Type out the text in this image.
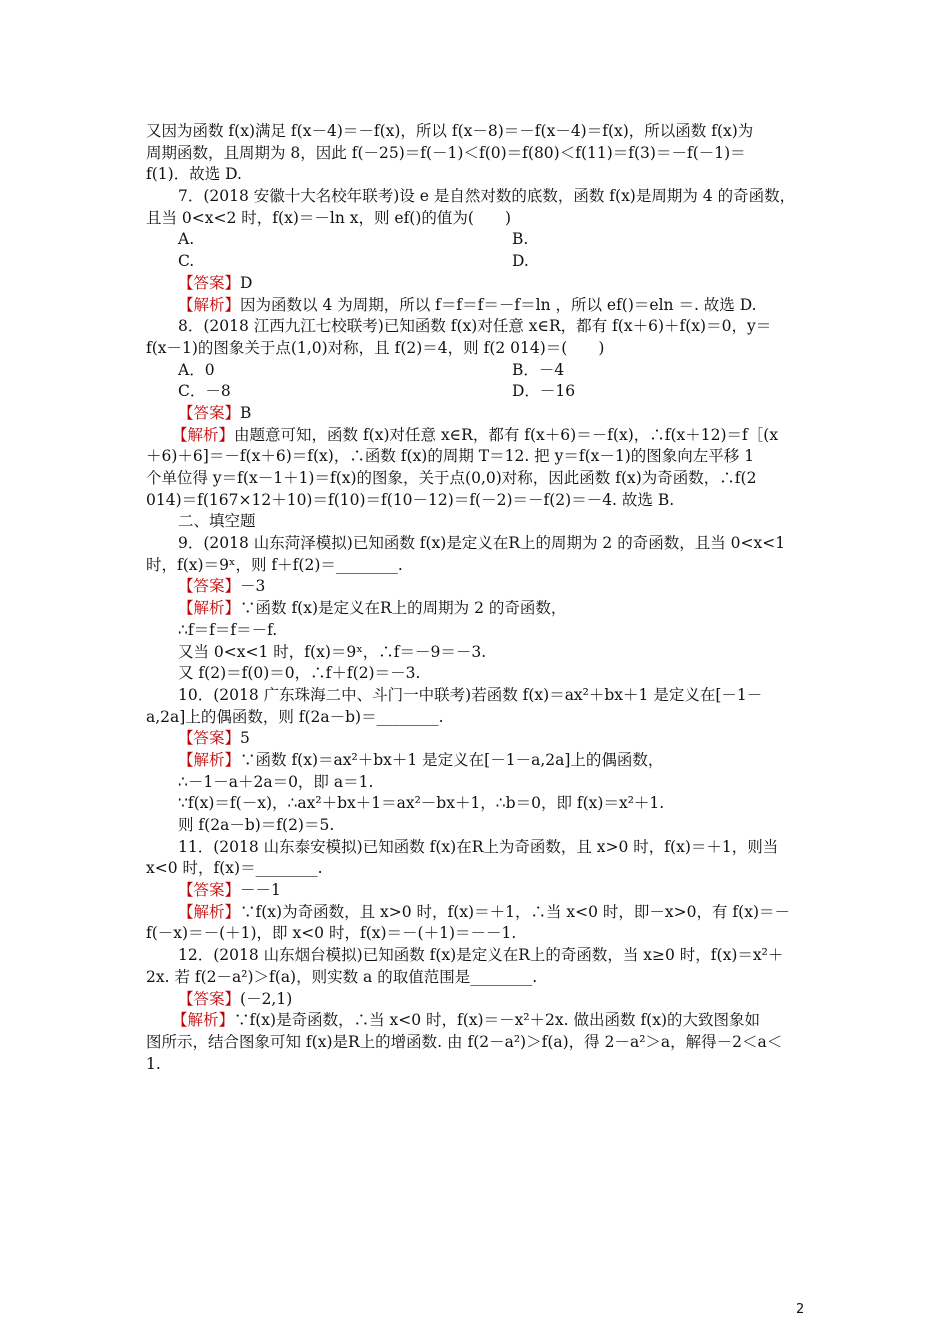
又因为函数 f(x)满足 f(x－4)＝－f(x)，所以 f(x－8)＝－f(x－4)＝f(x)，所以函数 f(x)为
周期函数，且周期为 8，因此 f(－25)＝f(－1)＜f(0)＝f(80)＜f(11)＝f(3)＝－f(－1)＝
f(1)．故选 D.
7．(2018 安徽十大名校年联考)设 e 是自然对数的底数，函数 f(x)是周期为 4 的奇函数，
且当 0<x<2 时，f(x)＝－ln x，则 ef()的值为(　　)
A.	B.
C.	D.
【答案】D
【解析】因为函数以 4 为周期，所以 f＝f＝f＝－f＝ln ，所以 ef()＝eln ＝. 故选 D.
8．(2018 江西九江七校联考)已知函数 f(x)对任意 x∈R，都有 f(x＋6)＋f(x)＝0，y＝
f(x－1)的图象关于点(1,0)对称，且 f(2)＝4，则 f(2 014)＝(　　)
A．0	B．－4
C．－8	D．－16
【答案】B
【解析】由题意可知，函数 f(x)对任意 x∈R，都有 f(x＋6)＝－f(x)，∴f(x＋12)＝f［(x
＋6)＋6]＝－f(x＋6)＝f(x)，∴函数 f(x)的周期 T＝12. 把 y＝f(x－1)的图象向左平移 1
个单位得 y＝f(x－1＋1)＝f(x)的图象，关于点(0,0)对称，因此函数 f(x)为奇函数，∴f(2
014)＝f(167×12＋10)＝f(10)＝f(10－12)＝f(－2)＝－f(2)＝－4. 故选 B.
二、填空题
9．(2018 山东菏泽模拟)已知函数 f(x)是定义在R上的周期为 2 的奇函数，且当 0<x<1
时，f(x)＝9ˣ，则 f＋f(2)＝________.
【答案】－3
【解析】∵函数 f(x)是定义在R上的周期为 2 的奇函数，
∴f＝f＝f＝－f.
又当 0<x<1 时，f(x)＝9ˣ，∴f＝－9＝－3.
又 f(2)＝f(0)＝0，∴f＋f(2)＝－3.
10．(2018 广东珠海二中、斗门一中联考)若函数 f(x)＝ax²＋bx＋1 是定义在[－1－
a,2a]上的偶函数，则 f(2a－b)＝________.
【答案】5
【解析】∵函数 f(x)＝ax²＋bx＋1 是定义在[－1－a,2a]上的偶函数，
∴－1－a＋2a＝0，即 a＝1.
∵f(x)＝f(－x)，∴ax²＋bx＋1＝ax²－bx＋1，∴b＝0，即 f(x)＝x²＋1.
则 f(2a－b)＝f(2)＝5.
11．(2018 山东泰安模拟)已知函数 f(x)在R上为奇函数，且 x>0 时，f(x)＝＋1，则当
x<0 时，f(x)＝________.
【答案】－－1
【解析】∵f(x)为奇函数，且 x>0 时，f(x)＝＋1，∴当 x<0 时，即－x>0，有 f(x)＝－
f(－x)＝－(＋1)，即 x<0 时，f(x)＝－(＋1)＝－－1.
12．(2018 山东烟台模拟)已知函数 f(x)是定义在R上的奇函数，当 x≥0 时，f(x)＝x²＋
2x. 若 f(2－a²)＞f(a)，则实数 a 的取值范围是________.
【答案】(－2,1)
【解析】∵f(x)是奇函数，∴当 x<0 时，f(x)＝－x²＋2x. 做出函数 f(x)的大致图象如
图所示，结合图象可知 f(x)是R上的增函数. 由 f(2－a²)＞f(a)，得 2－a²＞a，解得－2＜a＜
1.
2
